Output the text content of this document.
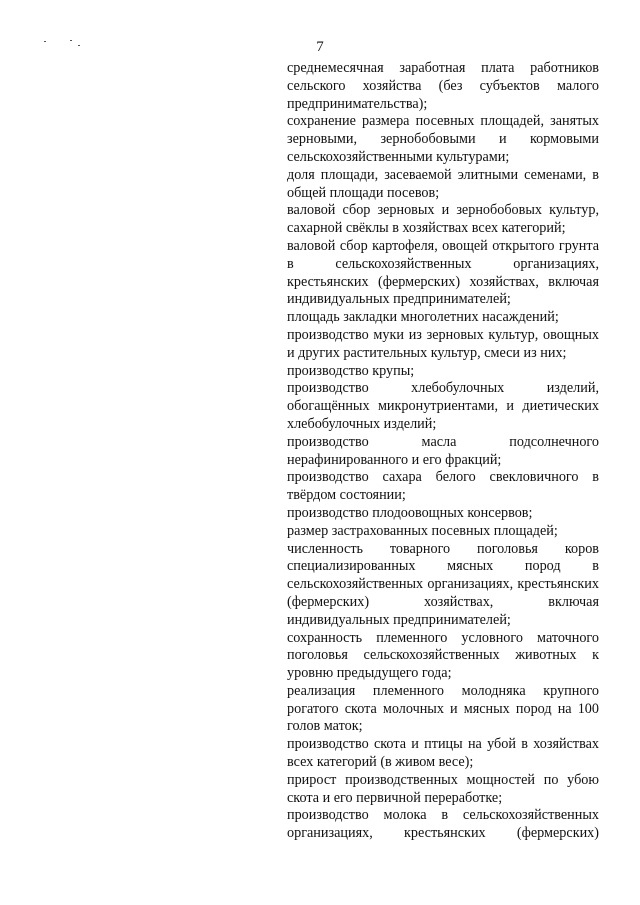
7

среднемесячная заработная плата работников сельского хозяйства (без субъектов малого предпринимательства);

сохранение размера посевных площадей, занятых зерновыми, зернобобовыми и кормовыми сельскохозяйственными культурами;

доля площади, засеваемой элитными семенами, в общей площади посевов;

валовой сбор зерновых и зернобобовых культур, сахарной свёклы в хозяйствах всех категорий;

валовой сбор картофеля, овощей открытого грунта в сельскохозяйственных организациях, крестьянских (фермерских) хозяйствах, включая индивидуальных предпринимателей;

площадь закладки многолетних насаждений;

производство муки из зерновых культур, овощных и других растительных культур, смеси из них;

производство крупы;

производство хлебобулочных изделий, обогащённых микронутриентами, и диетических хлебобулочных изделий;

производство масла подсолнечного нерафинированного и его фракций;

производство сахара белого свекловичного в твёрдом состоянии;

производство плодоовощных консервов;

размер застрахованных посевных площадей;

численность товарного поголовья коров специализированных мясных пород в сельскохозяйственных организациях, крестьянских (фермерских) хозяйствах, включая индивидуальных предпринимателей;

сохранность племенного условного маточного поголовья сельскохозяйственных животных к уровню предыдущего года;

реализация племенного молодняка крупного рогатого скота молочных и мясных пород на 100 голов маток;

производство скота и птицы на убой в хозяйствах всех категорий (в живом весе);

прирост производственных мощностей по убою скота и его первичной переработке;

производство молока в сельскохозяйственных организациях, крестьянских (фермерских)
